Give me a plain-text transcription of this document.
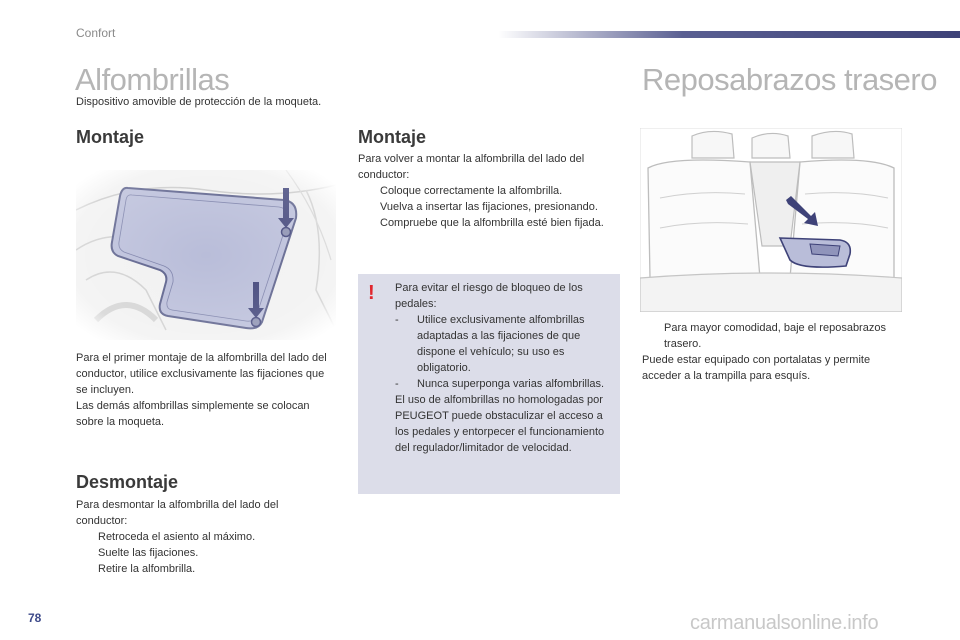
Confort
Alfombrillas
Dispositivo amovible de protección de la moqueta.
Montaje
Para el primer montaje de la alfombrilla del lado del conductor, utilice exclusivamente las fijaciones que se incluyen.
Las demás alfombrillas simplemente se colocan sobre la moqueta.
Desmontaje
Para desmontar la alfombrilla del lado del conductor:
Retroceda el asiento al máximo.
Suelte las fijaciones.
Retire la alfombrilla.
Montaje
Para volver a montar la alfombrilla del lado del conductor:
Coloque correctamente la alfombrilla.
Vuelva a insertar las fijaciones, presionando.
Compruebe que la alfombrilla esté bien fijada.
!	Para evitar el riesgo de bloqueo de los pedales:
- Utilice exclusivamente alfombrillas adaptadas a las fijaciones de que dispone el vehículo; su uso es obligatorio.
- Nunca superponga varias alfombrillas.
El uso de alfombrillas no homologadas por PEUGEOT puede obstaculizar el acceso a los pedales y entorpecer el funcionamiento del regulador/limitador de velocidad.
Reposabrazos trasero
Para mayor comodidad, baje el reposabrazos trasero.
Puede estar equipado con portalatas y permite acceder a la trampilla para esquís.
78	carmanualsonline.info
